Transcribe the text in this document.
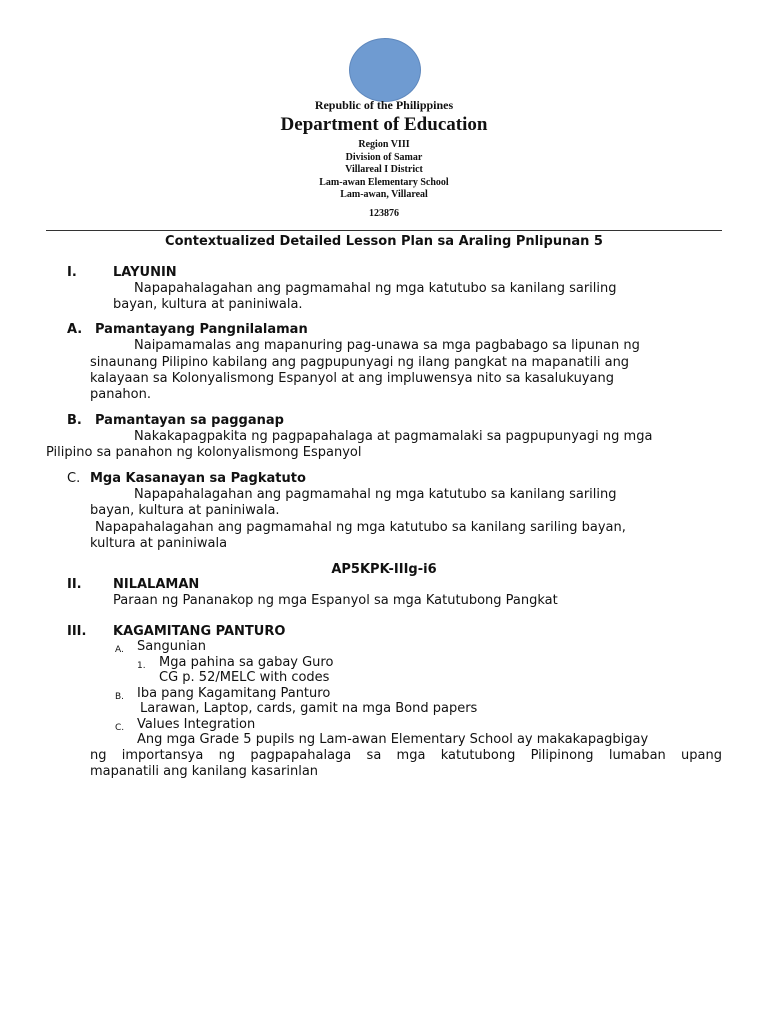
Republic of the Philippines
Department of Education
Region VIII
Division of Samar
Villareal I District
Lam-awan Elementary School
Lam-awan, Villareal
123876
Contextualized Detailed Lesson Plan sa Araling Pnlipunan 5
I.	LAYUNIN
Napapahalagahan ang pagmamahal ng mga katutubo sa kanilang sariling
bayan, kultura at paniniwala.
A. Pamantayang Pangnilalaman
Naipamamalas ang mapanuring pag-unawa sa mga pagbabago sa lipunan ng
sinaunang Pilipino kabilang ang pagpupunyagi ng ilang pangkat na mapanatili ang
kalayaan sa Kolonyalismong Espanyol at ang impluwensya nito sa kasalukuyang
panahon.
B. Pamantayan sa pagganap
Nakakapagpakita ng pagpapahalaga at pagmamalaki sa pagpupunyagi ng mga
Pilipino sa panahon ng kolonyalismong Espanyol
C. Mga Kasanayan sa Pagkatuto
Napapahalagahan ang pagmamahal ng mga katutubo sa kanilang sariling
bayan, kultura at paniniwala.
Napapahalagahan ang pagmamahal ng mga katutubo sa kanilang sariling bayan,
kultura at paniniwala
AP5KPK-IIIg-i6
II. NILALAMAN
Paraan ng Pananakop ng mga Espanyol sa mga Katutubong Pangkat
III. KAGAMITANG PANTURO
A. Sangunian
1. Mga pahina sa gabay Guro
CG p. 52/MELC with codes
B. Iba pang Kagamitang Panturo
Larawan, Laptop, cards, gamit na mga Bond papers
C. Values Integration
Ang mga Grade 5 pupils ng Lam-awan Elementary School ay makakapagbigay
ng importansya ng pagpapahalaga sa mga katutubong Pilipinong lumaban upang
mapanatili ang kanilang kasarinlan
